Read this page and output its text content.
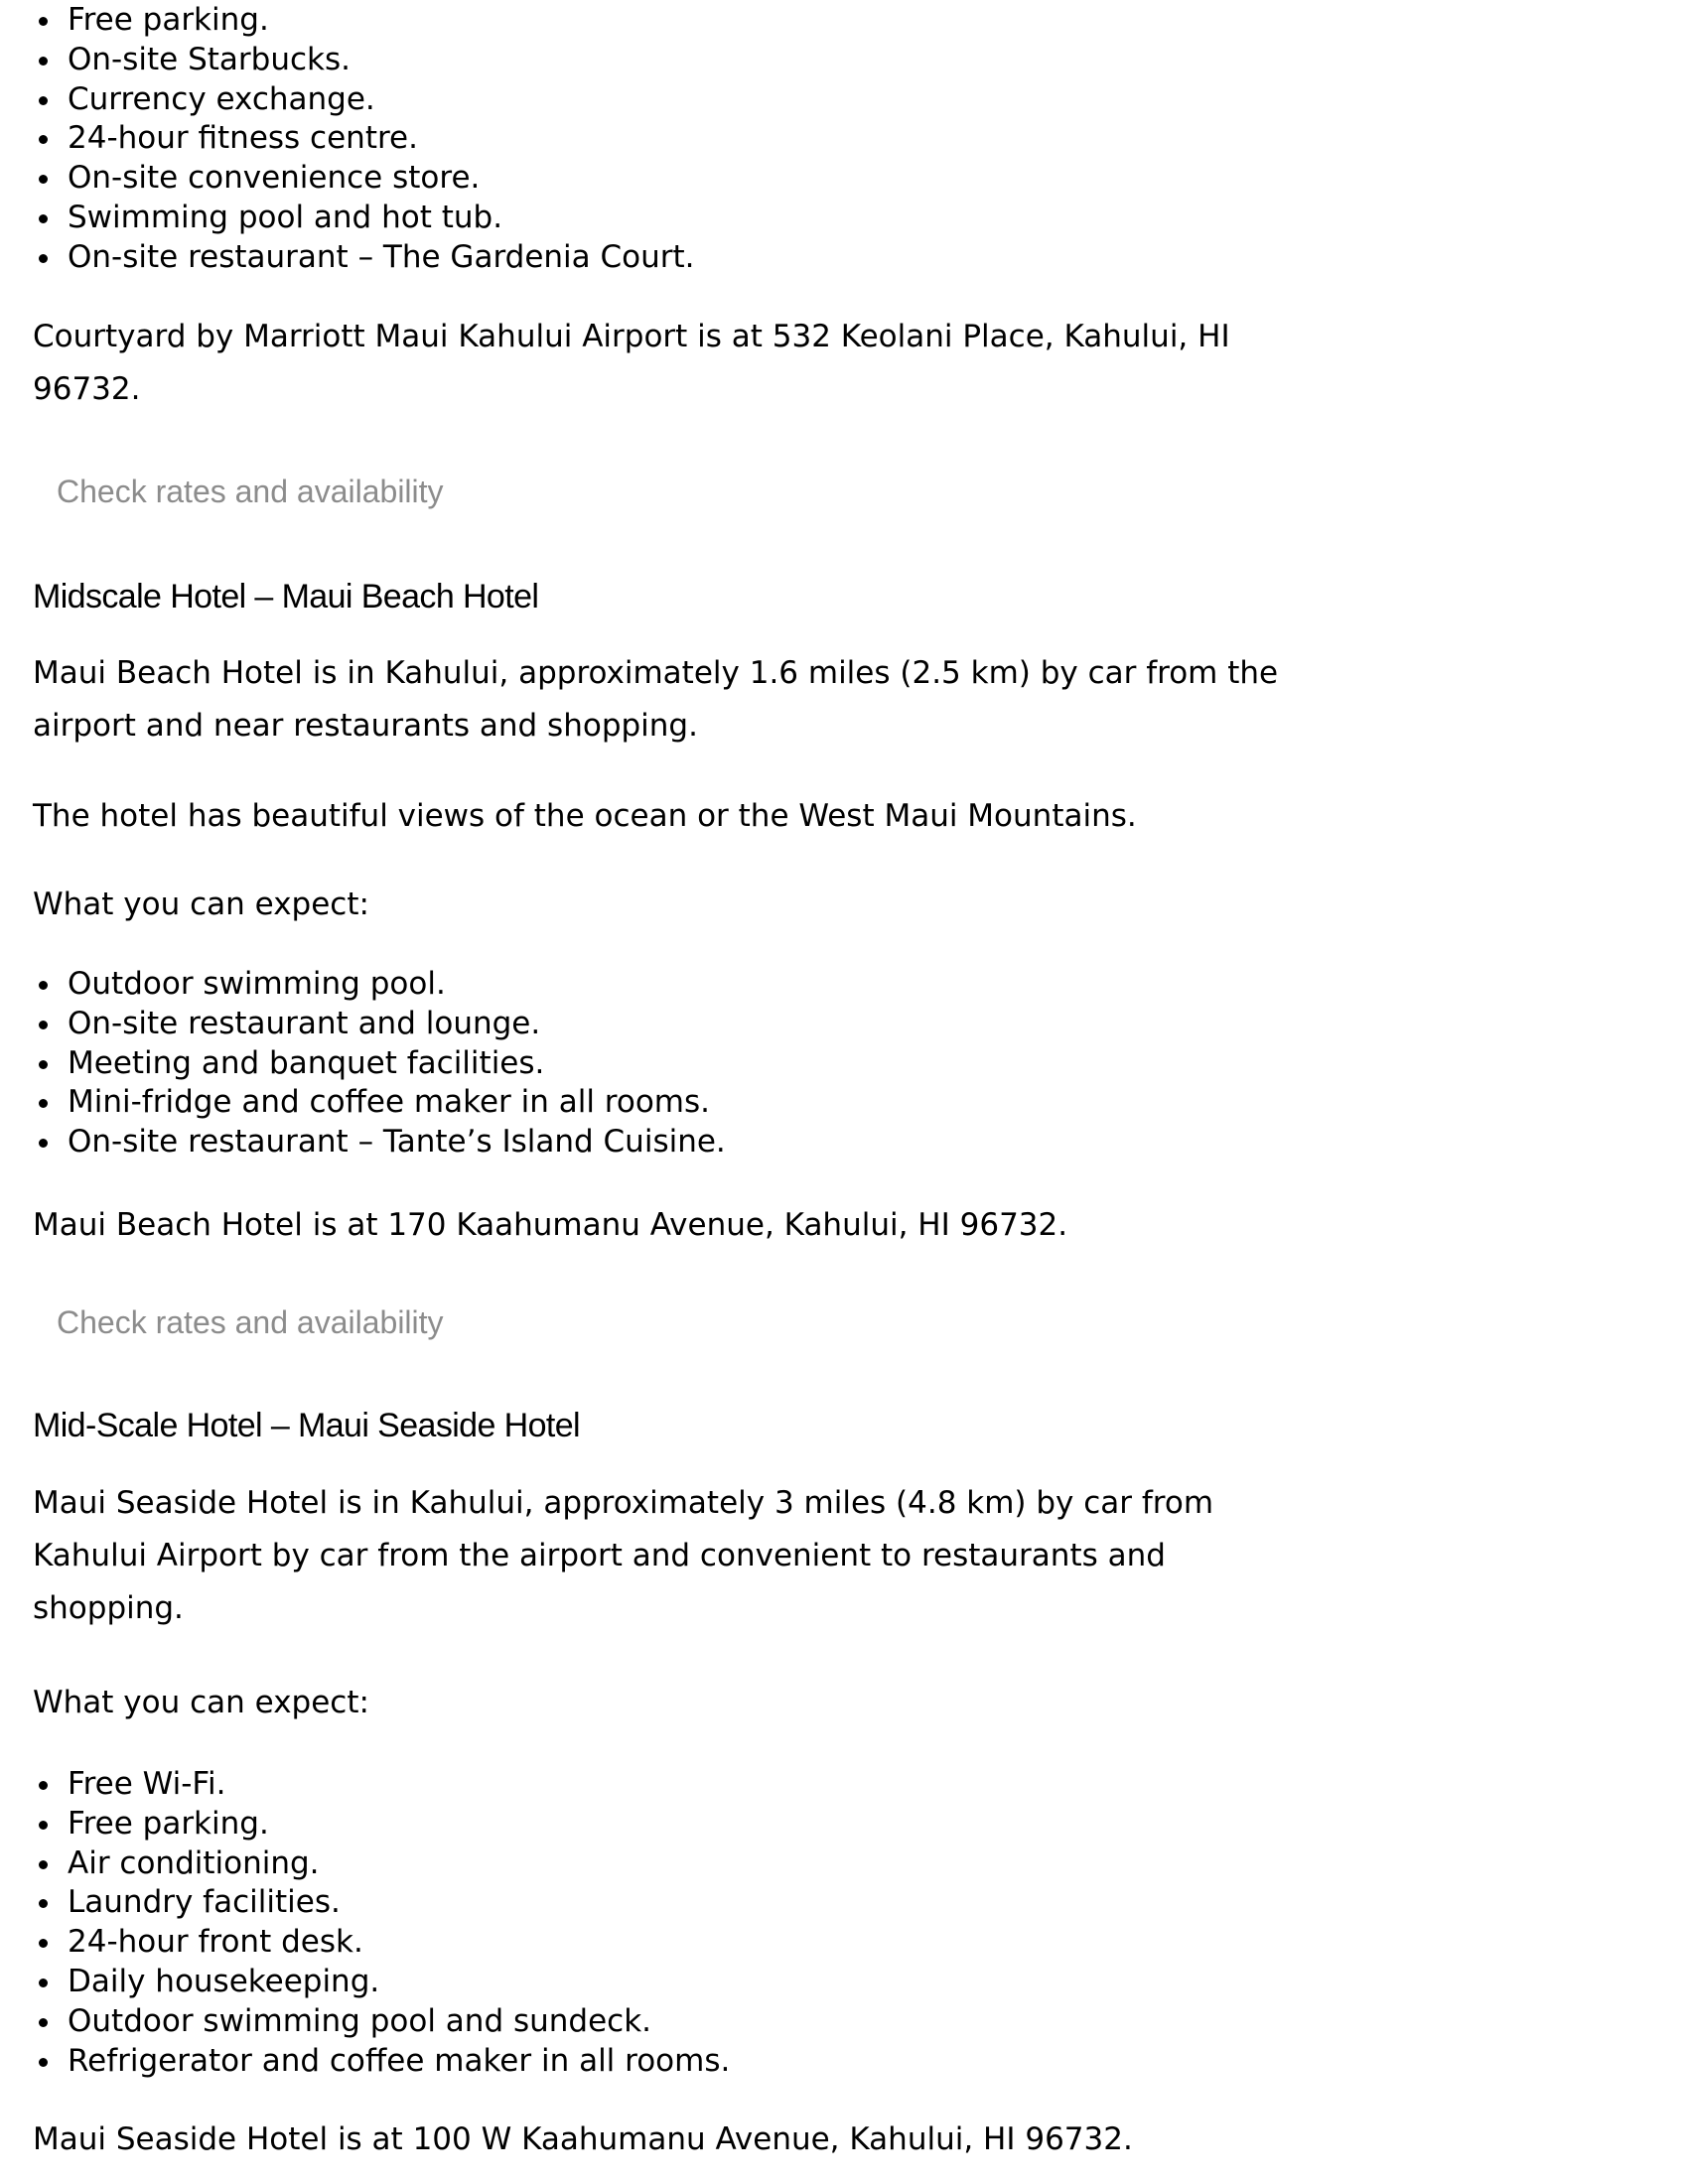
Free parking.
On-site Starbucks.
Currency exchange.
24-hour fitness centre.
On-site convenience store.
Swimming pool and hot tub.
On-site restaurant – The Gardenia Court.

Courtyard by Marriott Maui Kahului Airport is at 532 Keolani Place, Kahului, HI 96732.

Check rates and availability
Midscale Hotel – Maui Beach Hotel

Maui Beach Hotel is in Kahului, approximately 1.6 miles (2.5 km) by car from the airport and near restaurants and shopping.

The hotel has beautiful views of the ocean or the West Maui Mountains.

What you can expect:

Outdoor swimming pool.
On-site restaurant and lounge.
Meeting and banquet facilities.
Mini-fridge and coffee maker in all rooms.
On-site restaurant – Tante’s Island Cuisine.

Maui Beach Hotel is at 170 Kaahumanu Avenue, Kahului, HI 96732.

Check rates and availability
Mid-Scale Hotel – Maui Seaside Hotel

Maui Seaside Hotel is in Kahului, approximately 3 miles (4.8 km) by car from Kahului Airport by car from the airport and convenient to restaurants and shopping.

What you can expect:

Free Wi-Fi.
Free parking.
Air conditioning.
Laundry facilities.
24-hour front desk.
Daily housekeeping.
Outdoor swimming pool and sundeck.
Refrigerator and coffee maker in all rooms.

Maui Seaside Hotel is at 100 W Kaahumanu Avenue, Kahului, HI 96732.
